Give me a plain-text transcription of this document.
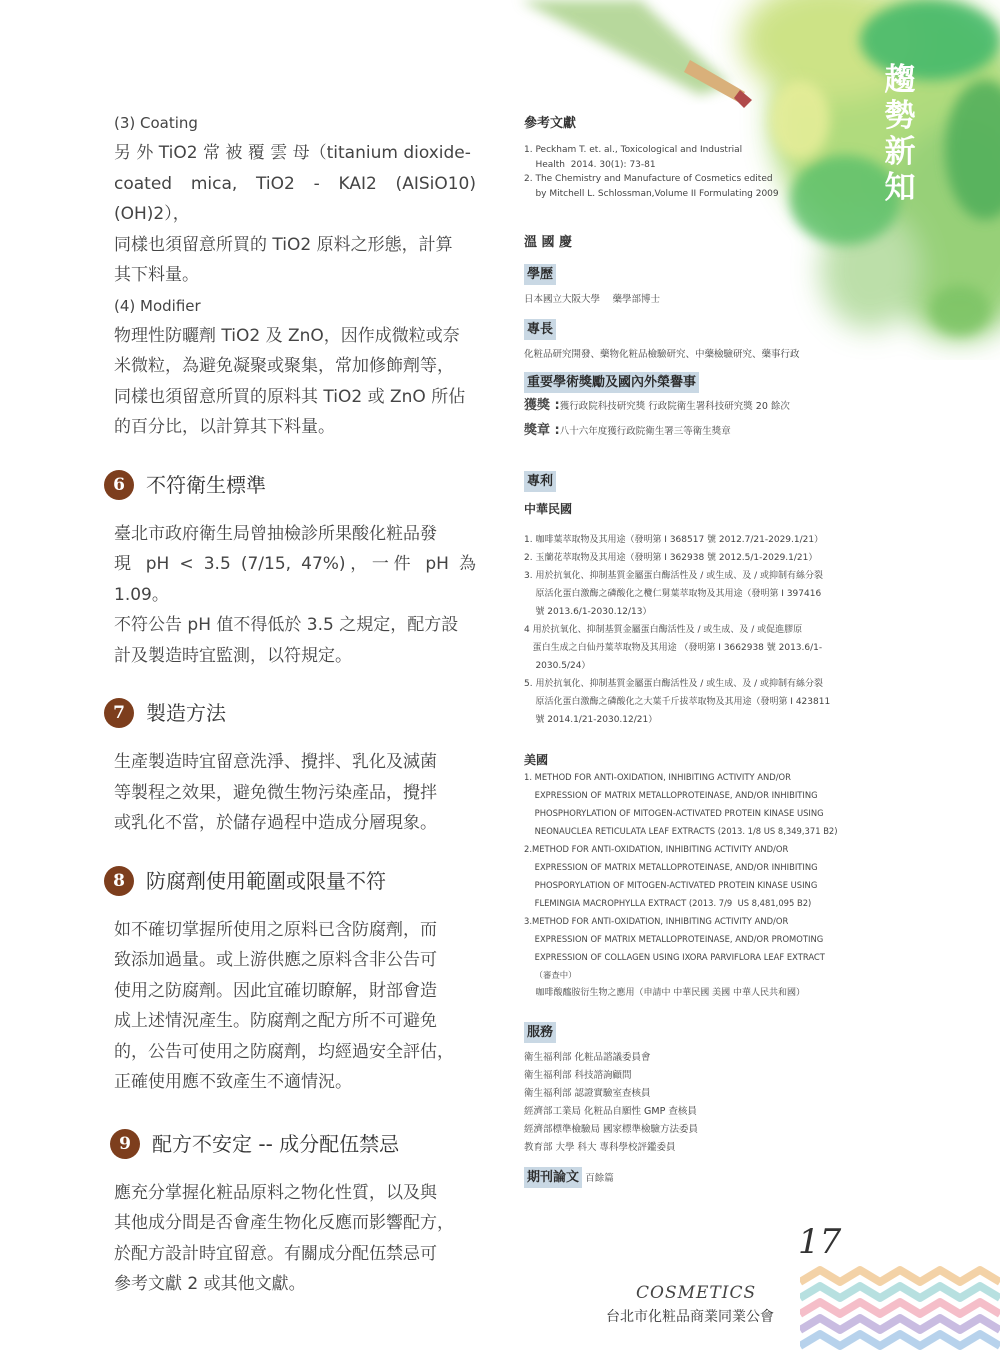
趨勢新知

(3) Coating

另 外 TiO2 常 被 覆 雲 母（titanium dioxide-

coated mica, TiO2 - KAI2 (AISiO10) (OH)2），

同樣也須留意所買的 TiO2 原料之形態，計算

其下料量。

(4) Modifier

物理性防曬劑 TiO2 及 ZnO，因作成微粒或奈

米微粒，為避免凝聚或聚集，常加修飾劑等，

同樣也須留意所買的原料其 TiO2 或 ZnO 所佔

的百分比，以計算其下料量。

6	不符衛生標準

臺北市政府衛生局曾抽檢診所果酸化粧品發

現 pH < 3.5 (7/15, 47%)，一件 pH 為 1.09。

不符公告 pH 值不得低於 3.5 之規定，配方設

計及製造時宜監測，以符規定。

7	製造方法

生產製造時宜留意洗淨、攪拌、乳化及滅菌

等製程之效果，避免微生物污染產品，攪拌

或乳化不當，於儲存過程中造成分層現象。

8	防腐劑使用範圍或限量不符

如不確切掌握所使用之原料已含防腐劑，而

致添加過量。或上游供應之原料含非公告可

使用之防腐劑。因此宜確切瞭解，財部會造

成上述情況產生。防腐劑之配方所不可避免

的，公告可使用之防腐劑，均經過安全評估，

正確使用應不致產生不適情況。

9	配方不安定 -- 成分配伍禁忌

應充分掌握化粧品原料之物化性質，以及與

其他成分間是否會產生物化反應而影響配方，

於配方設計時宜留意。有關成分配伍禁忌可

參考文獻 2 或其他文獻。

參考文獻

1. Peckham T. et. al., Toxicological and Industrial

Health  2014. 30(1): 73-81

2. The Chemistry and Manufacture of Cosmetics edited

by Mitchell L. Schlossman,Volume II Formulating 2009

溫 國 慶
學歷

日本國立大阪大學　 藥學部博士

專長

化粧品研究開發、藥物化粧品檢驗研究、中藥檢驗研究、藥事行政

重要學術獎勵及國內外榮譽事

獲獎 :獲行政院科技研究獎 行政院衛生署科技研究獎 20 餘次

獎章 :八十六年度獲行政院衛生署三等衛生獎章

專利
中華民國

1. 咖啡葉萃取物及其用途（發明第 I 368517 號 2012.7/21-2029.1/21）

2. 玉蘭花萃取物及其用途（發明第 I 362938 號 2012.5/1-2029.1/21）

3. 用於抗氧化、抑制基質金屬蛋白酶活性及 / 或生成、及 / 或抑制有絲分裂

原活化蛋白激酶之磷酸化之欖仁舅葉萃取物及其用途（發明第 I 397416

號 2013.6/1-2030.12/13）

4 用於抗氧化、抑制基質金屬蛋白酶活性及 / 或生成、及 / 或促進膠原

蛋白生成之白仙丹葉萃取物及其用途 （發明第 I 3662938 號 2013.6/1-

2030.5/24）

5. 用於抗氧化、抑制基質金屬蛋白酶活性及 / 或生成、及 / 或抑制有絲分裂

原活化蛋白激酶之磷酸化之大葉千斤拔萃取物及其用途（發明第 I 423811

號 2014.1/21-2030.12/21）

美國

1. METHOD FOR ANTI-OXIDATION, INHIBITING ACTIVITY AND/OR

EXPRESSION OF MATRIX METALLOPROTEINASE, AND/OR INHIBITING

PHOSPHORYLATION OF MITOGEN-ACTIVATED PROTEIN KINASE USING

NEONAUCLEA RETICULATA LEAF EXTRACTS (2013. 1/8 US 8,349,371 B2)

2.METHOD FOR ANTI-OXIDATION, INHIBITING ACTIVITY AND/OR

EXPRESSION OF MATRIX METALLOPROTEINASE, AND/OR INHIBITING

PHOSPORYLATION OF MITOGEN-ACTIVATED PROTEIN KINASE USING

FLEMINGIA MACROPHYLLA EXTRACT (2013. 7/9  US 8,481,095 B2)

3.METHOD FOR ANTI-OXIDATION, INHIBITING ACTIVITY AND/OR

EXPRESSION OF MATRIX METALLOPROTEINASE, AND/OR PROMOTING

EXPRESSION OF COLLAGEN USING IXORA PARVIFLORA LEAF EXTRACT

（審查中）

咖啡酸醯胺衍生物之應用（申請中 中華民國 美國 中華人民共和國）

服務

衛生福利部 化粧品諮議委員會

衛生福利部 科技諮詢顧問

衛生福利部 認證實驗室查核員

經濟部工業局 化粧品自願性 GMP 查核員

經濟部標準檢驗局 國家標準檢驗方法委員

教育部 大學 科大 專科學校評鑑委員

期刊論文 百餘篇
17
COSMETICS
台北市化粧品商業同業公會
